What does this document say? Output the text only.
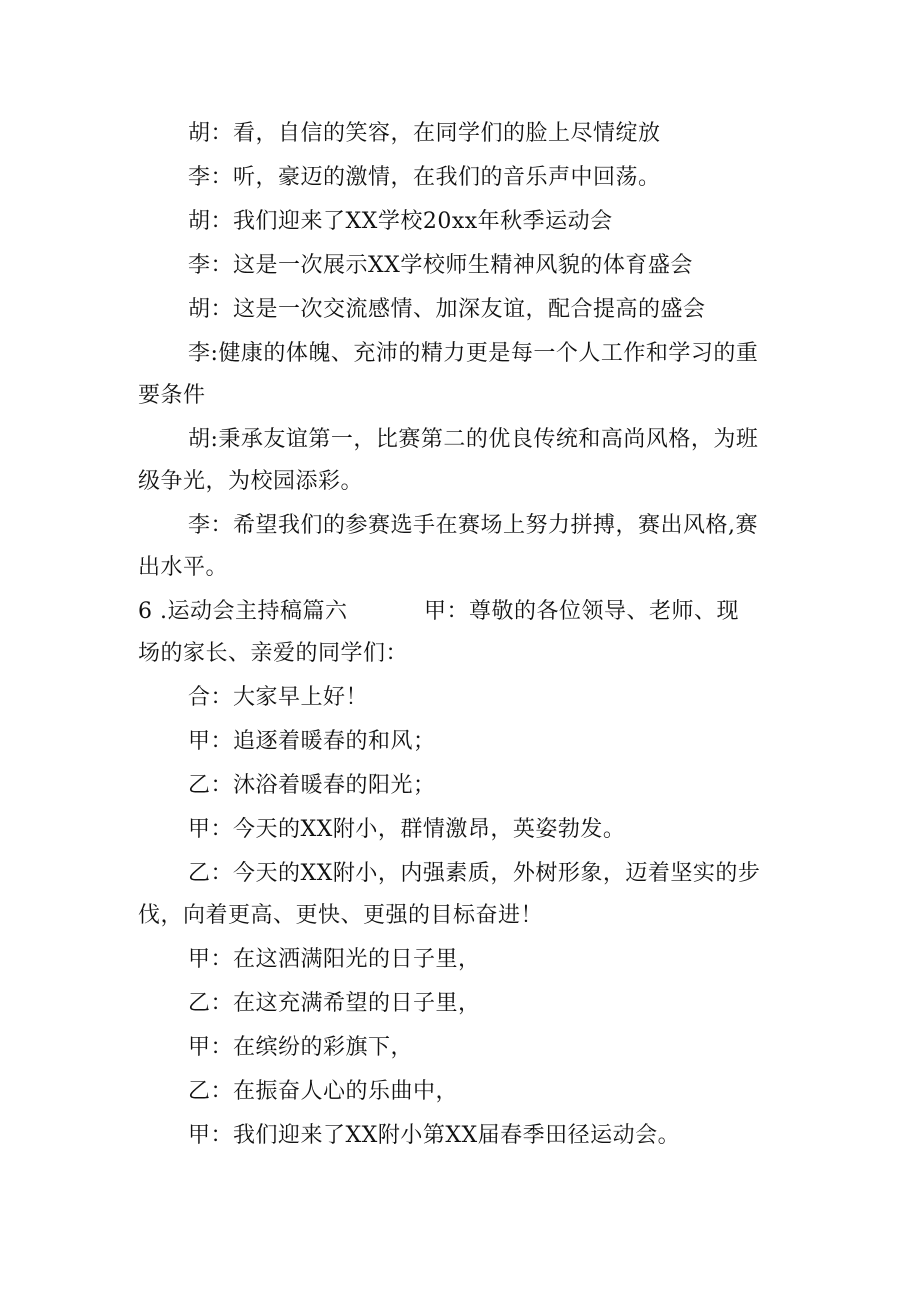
胡：看，自信的笑容，在同学们的脸上尽情绽放
李：听，豪迈的激情，在我们的音乐声中回荡。
胡：我们迎来了XX学校20xx年秋季运动会
李：这是一次展示XX学校师生精神风貌的体育盛会
胡：这是一次交流感情、加深友谊，配合提高的盛会
李:健康的体魄、充沛的精力更是每一个人工作和学习的重
要条件
胡:秉承友谊第一，比赛第二的优良传统和高尚风格，为班
级争光，为校园添彩。
李：希望我们的参赛选手在赛场上努力拼搏，赛出风格,赛
出水平。
6 .运动会主持稿篇六	甲：尊敬的各位领导、老师、现
场的家长、亲爱的同学们：
合：大家早上好！
甲：追逐着暖春的和风；
乙：沐浴着暖春的阳光；
甲：今天的XX附小，群情激昂，英姿勃发。
乙：今天的XX附小，内强素质，外树形象，迈着坚实的步
伐，向着更高、更快、更强的目标奋进！
甲：在这洒满阳光的日子里，
乙：在这充满希望的日子里，
甲：在缤纷的彩旗下，
乙：在振奋人心的乐曲中，
甲：我们迎来了XX附小第XX届春季田径运动会。
